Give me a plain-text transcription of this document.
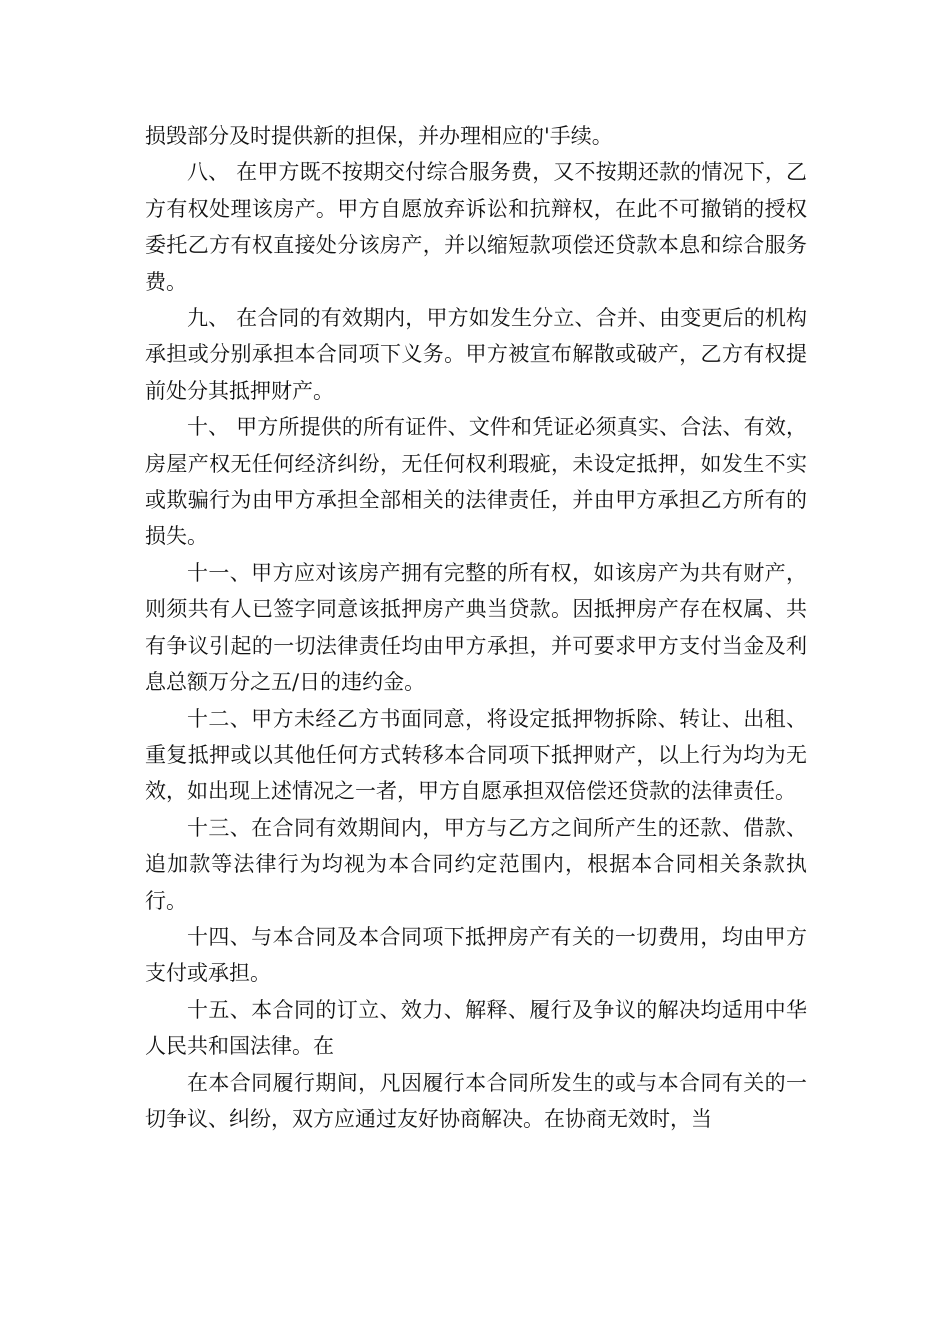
损毁部分及时提供新的担保，并办理相应的'手续。

八、 在甲方既不按期交付综合服务费，又不按期还款的情况下，乙方有权处理该房产。甲方自愿放弃诉讼和抗辩权，在此不可撤销的授权委托乙方有权直接处分该房产，并以缩短款项偿还贷款本息和综合服务费。

九、 在合同的有效期内，甲方如发生分立、合并、由变更后的机构承担或分别承担本合同项下义务。甲方被宣布解散或破产，乙方有权提前处分其抵押财产。

十、 甲方所提供的所有证件、文件和凭证必须真实、合法、有效，房屋产权无任何经济纠纷，无任何权利瑕疵，未设定抵押，如发生不实或欺骗行为由甲方承担全部相关的法律责任，并由甲方承担乙方所有的损失。

十一、甲方应对该房产拥有完整的所有权，如该房产为共有财产，则须共有人已签字同意该抵押房产典当贷款。因抵押房产存在权属、共有争议引起的一切法律责任均由甲方承担，并可要求甲方支付当金及利息总额万分之五/日的违约金。

十二、甲方未经乙方书面同意，将设定抵押物拆除、转让、出租、重复抵押或以其他任何方式转移本合同项下抵押财产，以上行为均为无效，如出现上述情况之一者，甲方自愿承担双倍偿还贷款的法律责任。

十三、在合同有效期间内，甲方与乙方之间所产生的还款、借款、追加款等法律行为均视为本合同约定范围内，根据本合同相关条款执行。

十四、与本合同及本合同项下抵押房产有关的一切费用，均由甲方支付或承担。

十五、本合同的订立、效力、解释、履行及争议的解决均适用中华人民共和国法律。在

在本合同履行期间，凡因履行本合同所发生的或与本合同有关的一切争议、纠纷，双方应通过友好协商解决。在协商无效时，当
